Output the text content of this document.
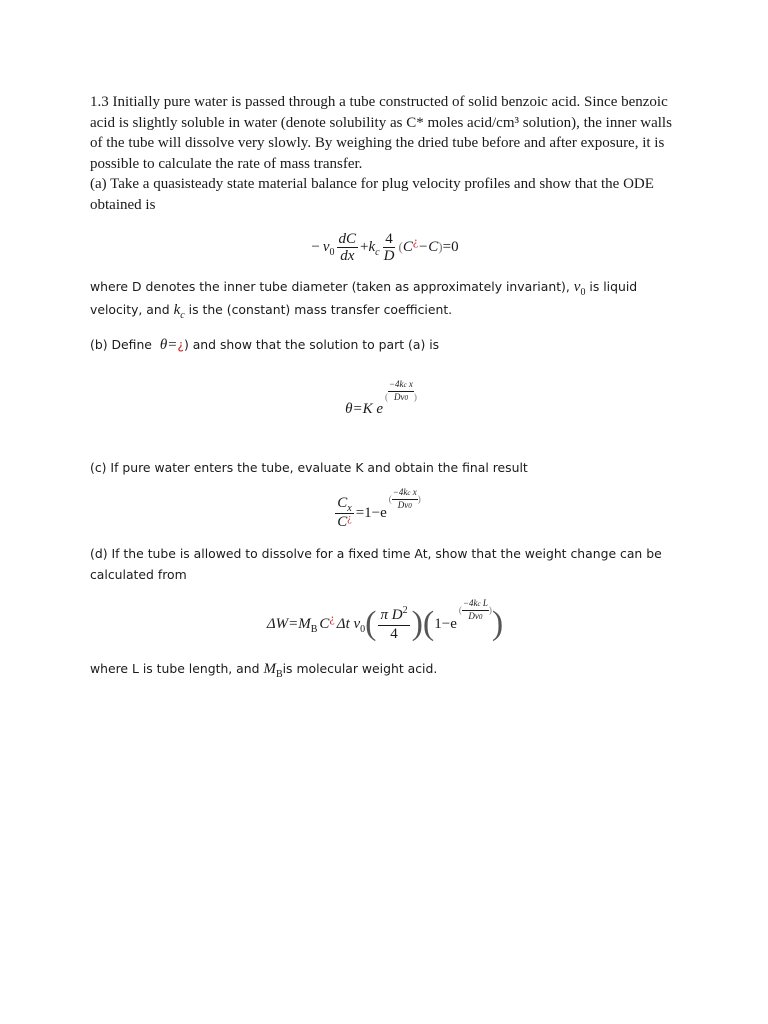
1.3 Initially pure water is passed through a tube constructed of solid benzoic acid. Since benzoic acid is slightly soluble in water (denote solubility as C* moles acid/cm³ solution), the inner walls of the tube will dissolve very slowly. By weighing the dried tube before and after exposure, it is possible to calculate the rate of mass transfer.
(a) Take a quasisteady state material balance for plug velocity profiles and show that the ODE obtained is
− $v_0 \frac{dC}{dx} + k_c \frac{4}{D}$ ( C ¿ −C ) =0
where D denotes the inner tube diameter (taken as approximately invariant), $v_0$ is liquid velocity, and $k_c$ is the (constant) mass transfer coefficient.
(b) Define θ=¿) and show that the solution to part (a) is
θ=K e
( $\frac{\text{−4kc x}}{Dv0}$ )
(c) If pure water enters the tube, evaluate K and obtain the final result
$\frac{C_x}{C^¿} =1-e$
( $\frac{\text{−4kc x}}{Dv0}$ )
(d) If the tube is allowed to dissolve for a fixed time At, show that the weight change can be calculated from
$\Delta W=M_B$ C¿ Δt $v_0$ ( $\frac{\pi D^2}{4}$ ) ( 1−e
( $\frac{\text{−4kc L}}{Dv0}$ ) )
where L is tube length, and $M_Bis$ molecular weight acid.
